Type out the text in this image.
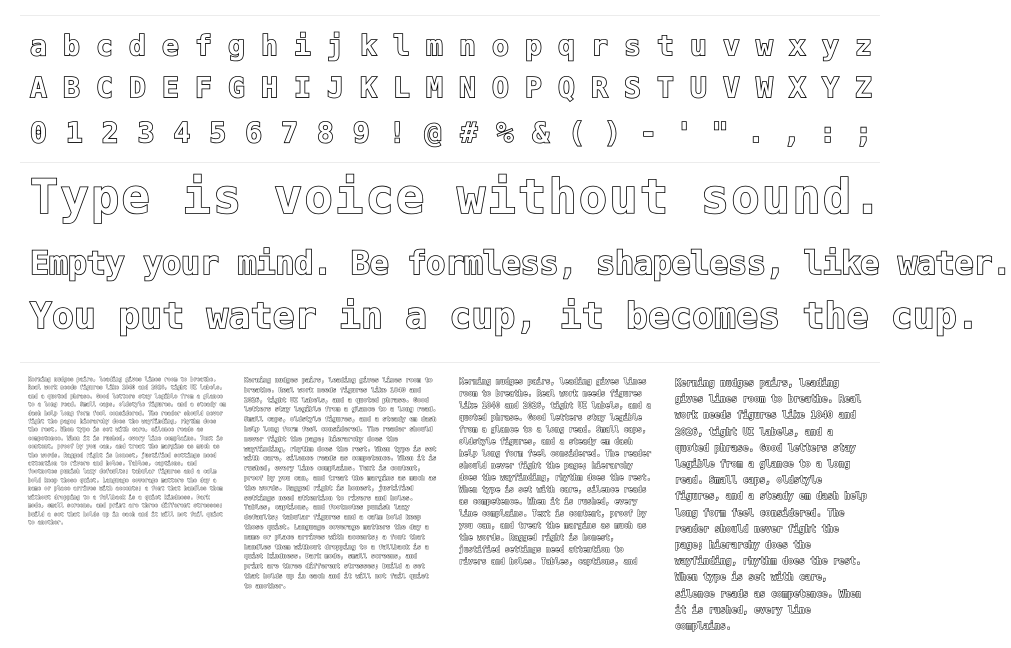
a b c d e f g h i j k l m n o p q r s t u v w x y z
A B C D E F G H I J K L M N O P Q R S T U V W X Y Z
0 1 2 3 4 5 6 7 8 9 ! @ # % & ( ) - ' " . , : ;
Type is voice without sound.
Empty your mind. Be formless, shapeless, like water.
You put water in a cup, it becomes the cup.
Kerning nudges pairs, leading gives lines room to breathe. Real work needs figures like 1840 and 2026, tight UI labels, and a quoted phrase. Good letters stay legible from a glance to a long read. Small caps, oldstyle figures, and a steady em dash help long form feel considered. The reader should never fight the page; hierarchy does the wayfinding, rhythm does the rest. When type is set with care, silence reads as competence. When it is rushed, every line complains. Text is content, proof by you can, and treat the margins as much as the words. Ragged right is honest, justified settings need attention to rivers and holes. Tables, captions, and footnotes punish lazy defaults; tabular figures and a calm bold keep those quiet. Language coverage matters the day a name or place arrives with accents; a font that handles them without dropping to a fallback is a quiet kindness. Dark mode, small screens, and print are three different stresses; build a set that holds up in each and it will not fail quiet to another.
Kerning nudges pairs, leading gives lines room to breathe. Real work needs figures like 1840 and 2026, tight UI labels, and a quoted phrase. Good letters stay legible from a glance to a long read. Small caps, oldstyle figures, and a steady em dash help long form feel considered. The reader should never fight the page; hierarchy does the wayfinding, rhythm does the rest. When type is set with care, silence reads as competence. When it is rushed, every line complains. Text is content, proof by you can, and treat the margins as much as the words. Ragged right is honest, justified settings need attention to rivers and holes. Tables, captions, and footnotes punish lazy defaults; tabular figures and a calm bold keep those quiet. Language coverage matters the day a name or place arrives with accents; a font that handles them without dropping to a fallback is a quiet kindness. Dark mode, small screens, and print are three different stresses; build a set that holds up in each and it will not fail quiet to another.
Kerning nudges pairs, leading gives lines room to breathe. Real work needs figures like 1840 and 2026, tight UI labels, and a quoted phrase. Good letters stay legible from a glance to a long read. Small caps, oldstyle figures, and a steady em dash help long form feel considered. The reader should never fight the page; hierarchy does the wayfinding, rhythm does the rest. When type is set with care, silence reads as competence. When it is rushed, every line complains. Text is content, proof by you can, and treat the margins as much as the words. Ragged right is honest, justified settings need attention to rivers and holes. Tables, captions, and
Kerning nudges pairs, leading gives lines room to breathe. Real work needs figures like 1840 and 2026, tight UI labels, and a quoted phrase. Good letters stay legible from a glance to a long read. Small caps, oldstyle figures, and a steady em dash help long form feel considered. The reader should never fight the page; hierarchy does the wayfinding, rhythm does the rest. When type is set with care, silence reads as competence. When it is rushed, every line complains.
